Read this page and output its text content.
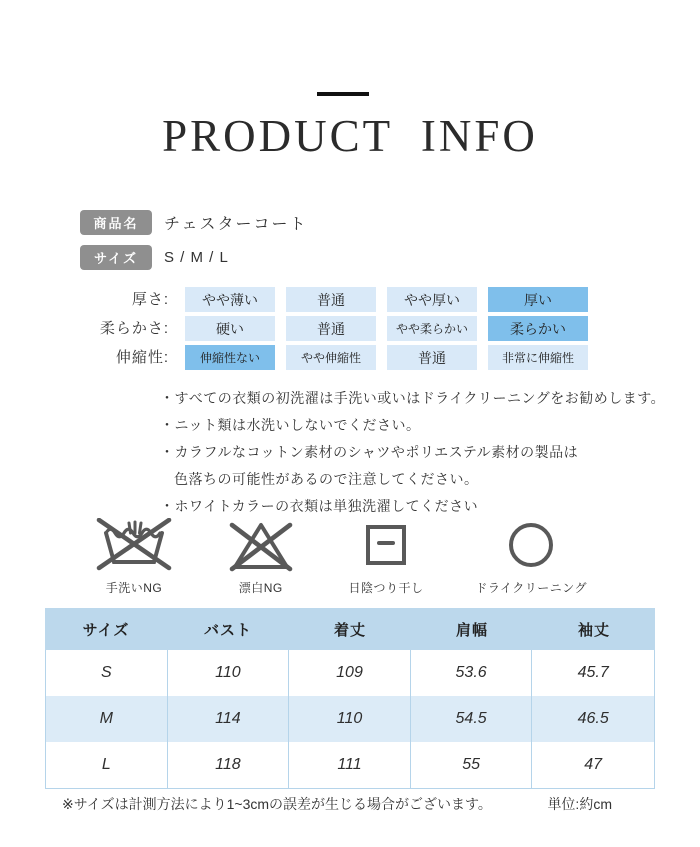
PRODUCT  INFO
商品名	チェスターコート
サイズ	S / M / L
厚さ:	やや薄い	普通	やや厚い	厚い
柔らかさ:	硬い	普通	やや柔らかい	柔らかい
伸縮性:	伸縮性ない	やや伸縮性	普通	非常に伸縮性
・すべての衣類の初洗濯は手洗い或いはドライクリーニングをお勧めします。
・ニット類は水洗いしないでください。
・カラフルなコットン素材のシャツやポリエステル素材の製品は
色落ちの可能性があるので注意してください。
・ホワイトカラーの衣類は単独洗濯してください
手洗いNG	漂白NG	日陰つり干し	ドライクリーニング
サイズ	バスト	着丈	肩幅	袖丈
S	110	109	53.6	45.7
M	114	110	54.5	46.5
L	118	111	55	47
※サイズは計測方法により1~3cmの誤差が生じる場合がございます。	単位:約cm
